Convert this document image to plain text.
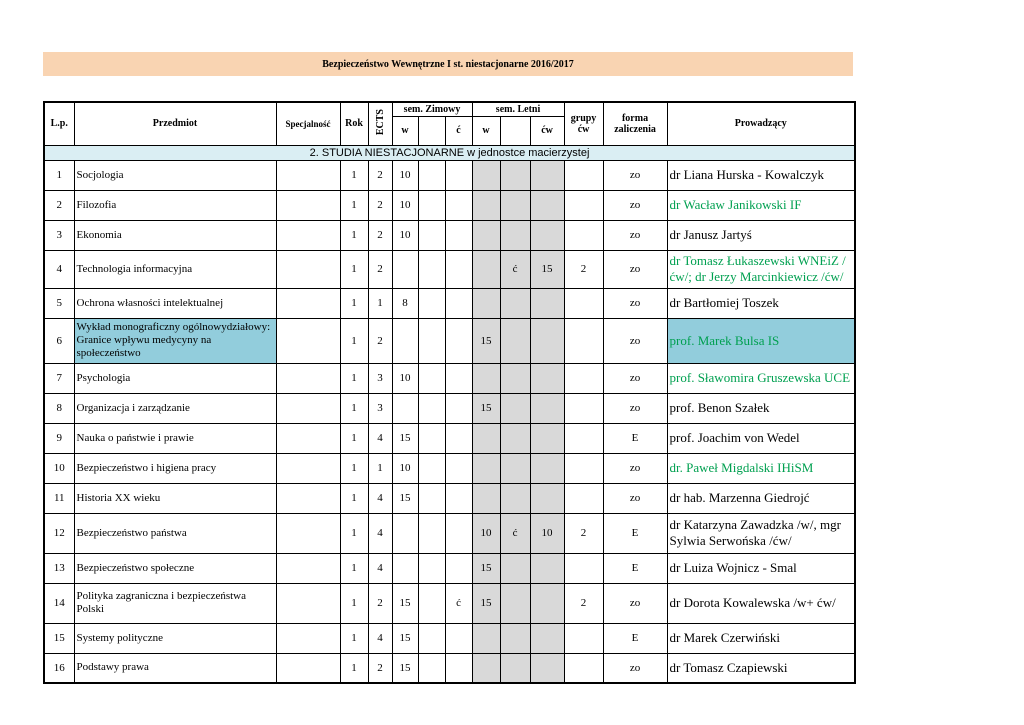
Bezpieczeństwo Wewnętrzne I st. niestacjonarne 2016/2017
L.p.	Przedmiot	Specjalność	Rok	ECTS	sem. Zimowy			sem. Letni			grupy ćw	forma zaliczenia	Prowadzący
					w		ć	w		ćw			
2. STUDIA NIESTACJONARNE w jednostce macierzystej													
1	Socjologia		1	2	10							zo	dr Liana Hurska - Kowalczyk
2	Filozofia		1	2	10							zo	dr Wacław Janikowski IF
3	Ekonomia		1	2	10							zo	dr Janusz Jartyś
4	Technologia informacyjna		1	2					ć	15	2	zo	dr Tomasz Łukaszewski WNEiZ /ćw/; dr Jerzy Marcinkiewicz /ćw/
5	Ochrona własności intelektualnej		1	1	8							zo	dr Bartłomiej Toszek
6	Wykład monograficzny ogólnowydziałowy: Granice wpływu medycyny na społeczeństwo		1	2				15				zo	prof. Marek Bulsa IS
7	Psychologia		1	3	10							zo	prof. Sławomira Gruszewska UCE
8	Organizacja i zarządzanie		1	3				15				zo	prof. Benon Szałek
9	Nauka o państwie i prawie		1	4	15							E	prof. Joachim von Wedel
10	Bezpieczeństwo i higiena pracy		1	1	10							zo	dr. Paweł Migdalski IHiSM
11	Historia XX wieku		1	4	15							zo	dr hab. Marzenna Giedrojć
12	Bezpieczeństwo państwa		1	4				10	ć	10	2	E	dr Katarzyna Zawadzka /w/, mgr Sylwia Serwońska /ćw/
13	Bezpieczeństwo społeczne		1	4				15				E	dr Luiza Wojnicz - Smal
14	Polityka zagraniczna i bezpieczeństwa Polski		1	2	15		ć	15			2	zo	dr Dorota Kowalewska /w+ ćw/
15	Systemy polityczne		1	4	15							E	dr Marek Czerwiński
16	Podstawy prawa		1	2	15							zo	dr Tomasz Czapiewski
